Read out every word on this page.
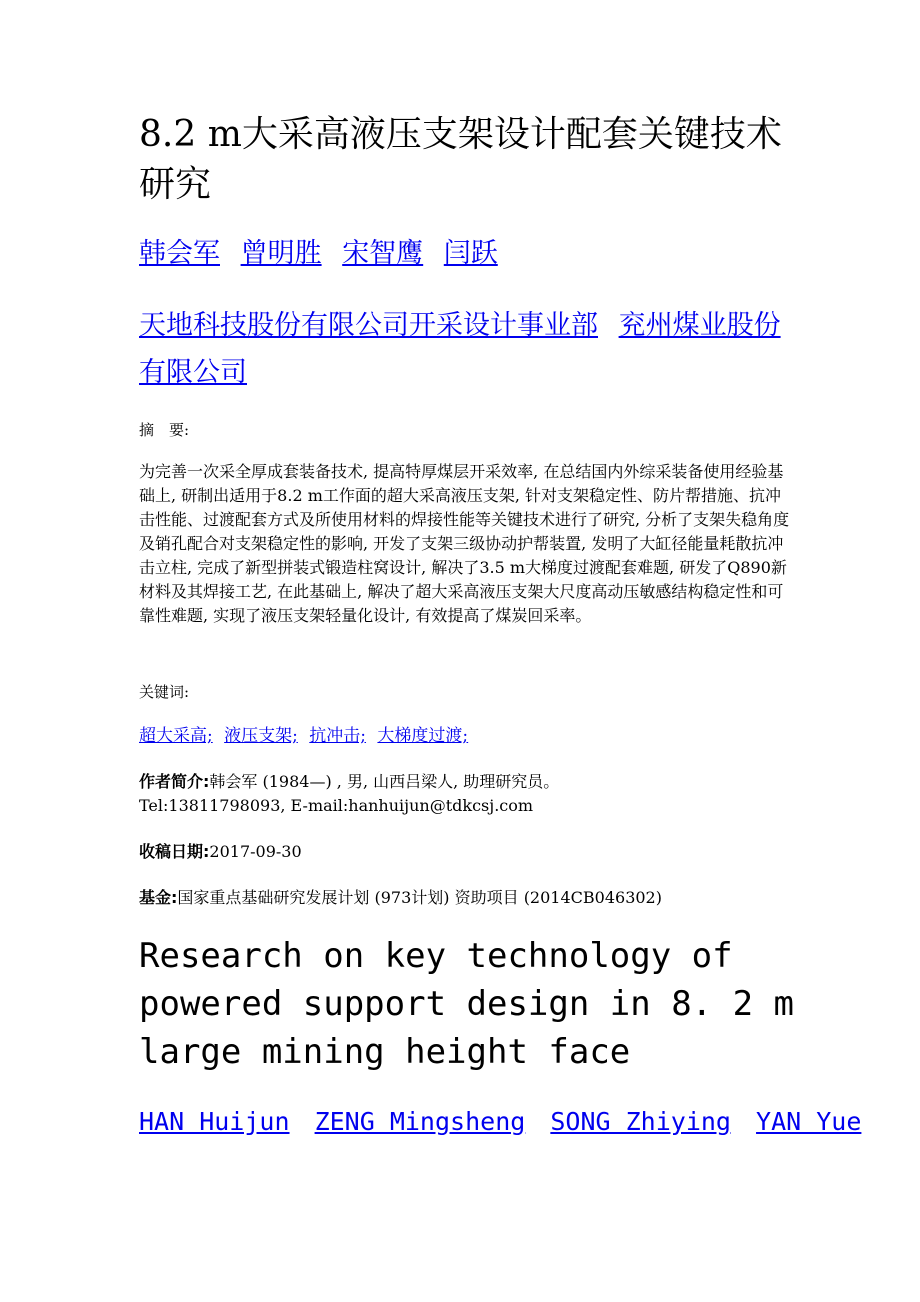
8.2 m大采高液压支架设计配套关键技术研究
韩会军 曾明胜 宋智鹰 闫跃
天地科技股份有限公司开采设计事业部 兖州煤业股份有限公司
摘　要:

为完善一次采全厚成套装备技术, 提高特厚煤层开采效率, 在总结国内外综采装备使用经验基础上, 研制出适用于8.2 m工作面的超大采高液压支架, 针对支架稳定性、防片帮措施、抗冲击性能、过渡配套方式及所使用材料的焊接性能等关键技术进行了研究, 分析了支架失稳角度及销孔配合对支架稳定性的影响, 开发了支架三级协动护帮装置, 发明了大缸径能量耗散抗冲击立柱, 完成了新型拼装式锻造柱窝设计, 解决了3.5 m大梯度过渡配套难题, 研发了Q890新材料及其焊接工艺, 在此基础上, 解决了超大采高液压支架大尺度高动压敏感结构稳定性和可靠性难题, 实现了液压支架轻量化设计, 有效提高了煤炭回采率。

关键词:
超大采高; 液压支架; 抗冲击; 大梯度过渡;
作者简介:韩会军 (1984—) , 男, 山西吕梁人, 助理研究员。
Tel:13811798093, E-mail:hanhuijun@tdkcsj.com
收稿日期:2017-09-30
基金:国家重点基础研究发展计划 (973计划) 资助项目 (2014CB046302)
Research on key technology of powered support design in 8. 2 m large mining height face
HAN Huijun ZENG Mingsheng SONG Zhiying YAN Yue
